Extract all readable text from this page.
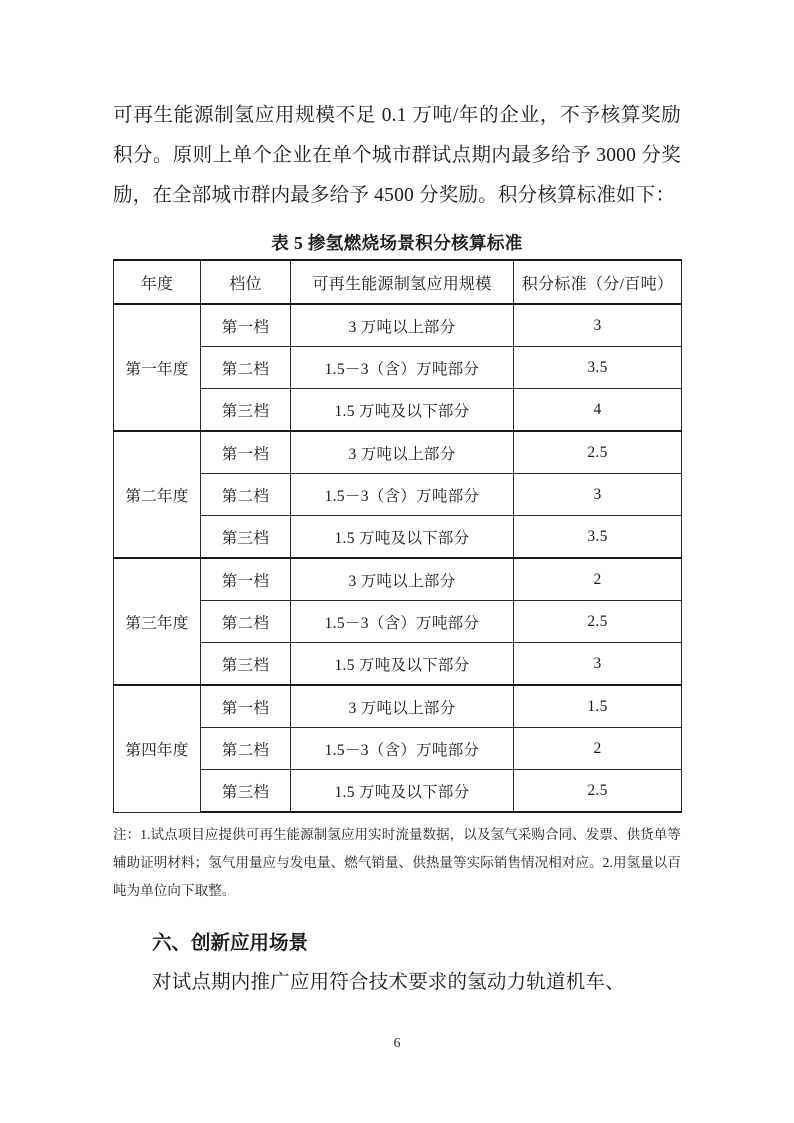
可再生能源制氢应用规模不足 0.1 万吨/年的企业，不予核算奖励积分。原则上单个企业在单个城市群试点期内最多给予 3000 分奖励，在全部城市群内最多给予 4500 分奖励。积分核算标准如下：

表 5 掺氢燃烧场景积分核算标准
年度	档位	可再生能源制氢应用规模	积分标准（分/百吨）
第一年度	第一档	3 万吨以上部分	3
	第二档	1.5－3（含）万吨部分	3.5
	第三档	1.5 万吨及以下部分	4
第二年度	第一档	3 万吨以上部分	2.5
	第二档	1.5－3（含）万吨部分	3
	第三档	1.5 万吨及以下部分	3.5
第三年度	第一档	3 万吨以上部分	2
	第二档	1.5－3（含）万吨部分	2.5
	第三档	1.5 万吨及以下部分	3
第四年度	第一档	3 万吨以上部分	1.5
	第二档	1.5－3（含）万吨部分	2
	第三档	1.5 万吨及以下部分	2.5

注：1.试点项目应提供可再生能源制氢应用实时流量数据，以及氢气采购合同、发票、供货单等辅助证明材料；氢气用量应与发电量、燃气销量、供热量等实际销售情况相对应。2.用氢量以百吨为单位向下取整。

六、创新应用场景

对试点期内推广应用符合技术要求的氢动力轨道机车、

6
